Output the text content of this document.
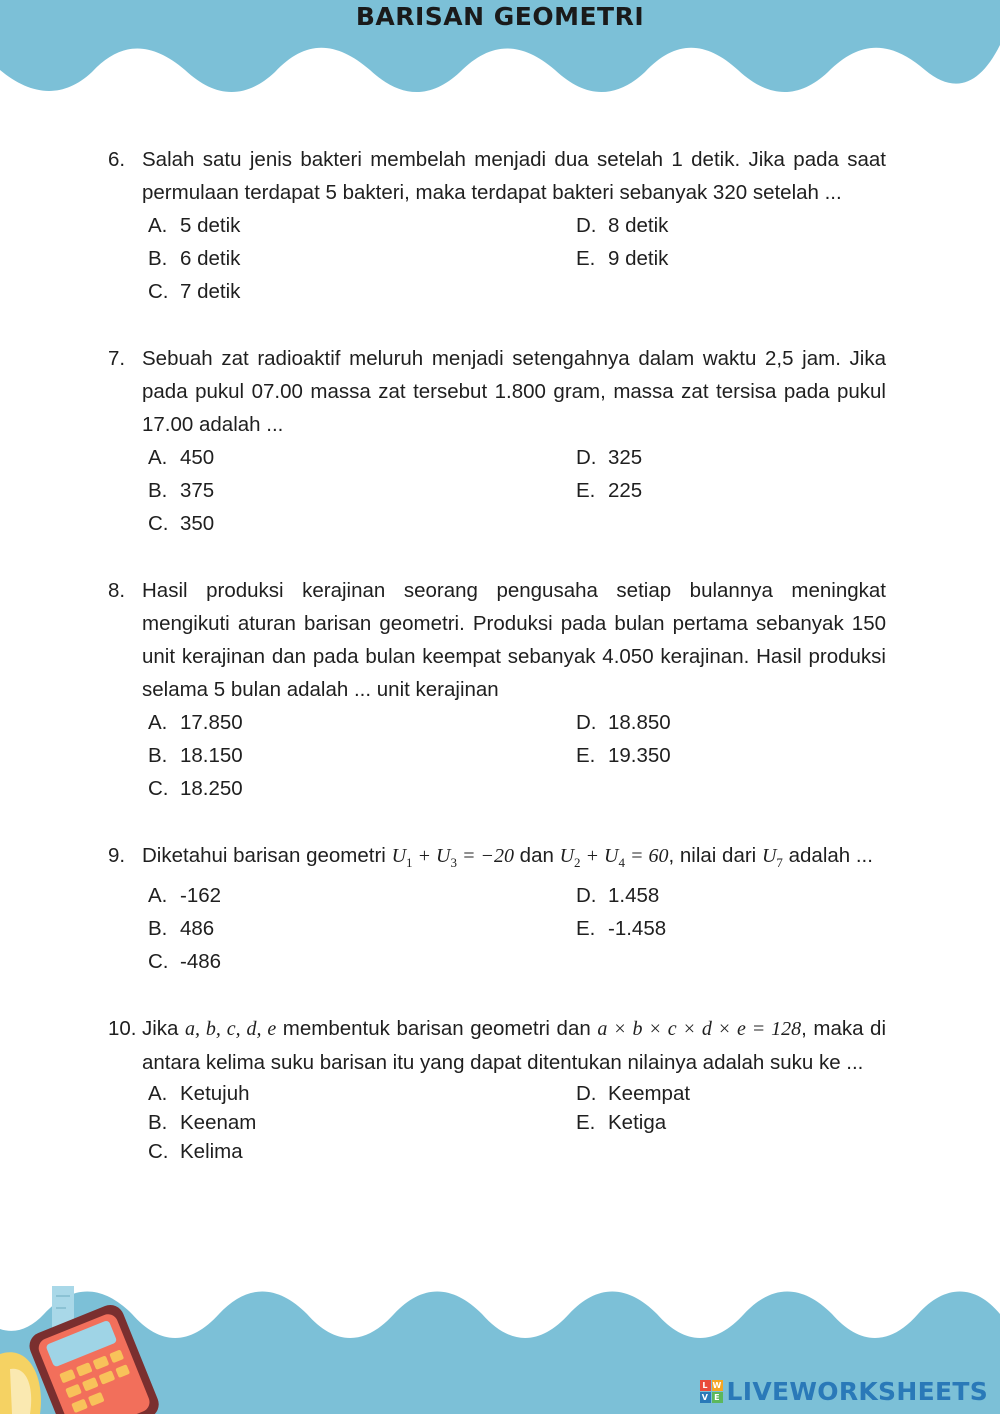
BARISAN GEOMETRI
6. Salah satu jenis bakteri membelah menjadi dua setelah 1 detik. Jika pada saat permulaan terdapat 5 bakteri, maka terdapat bakteri sebanyak 320 setelah ...
A. 5 detik
B. 6 detik
C. 7 detik
D. 8 detik
E. 9 detik
7. Sebuah zat radioaktif meluruh menjadi setengahnya dalam waktu 2,5 jam. Jika pada pukul 07.00 massa zat tersebut 1.800 gram, massa zat tersisa pada pukul 17.00 adalah ...
A. 450
B. 375
C. 350
D. 325
E. 225
8. Hasil produksi kerajinan seorang pengusaha setiap bulannya meningkat mengikuti aturan barisan geometri. Produksi pada bulan pertama sebanyak 150 unit kerajinan dan pada bulan keempat sebanyak 4.050 kerajinan. Hasil produksi selama 5 bulan adalah ... unit kerajinan
A. 17.850
B. 18.150
C. 18.250
D. 18.850
E. 19.350
9. Diketahui barisan geometri $U_1 + U_3 = -20$ dan $U_2 + U_4 = 60$, nilai dari $U_7$ adalah ...
A. -162
B. 486
C. -486
D. 1.458
E. -1.458
10. Jika a, b, c, d, e membentuk barisan geometri dan a × b × c × d × e = 128, maka di antara kelima suku barisan itu yang dapat ditentukan nilainya adalah suku ke ...
A. Ketujuh
B. Keenam
C. Kelima
D. Keempat
E. Ketiga
L W
V E LIVEWORKSHEETS
